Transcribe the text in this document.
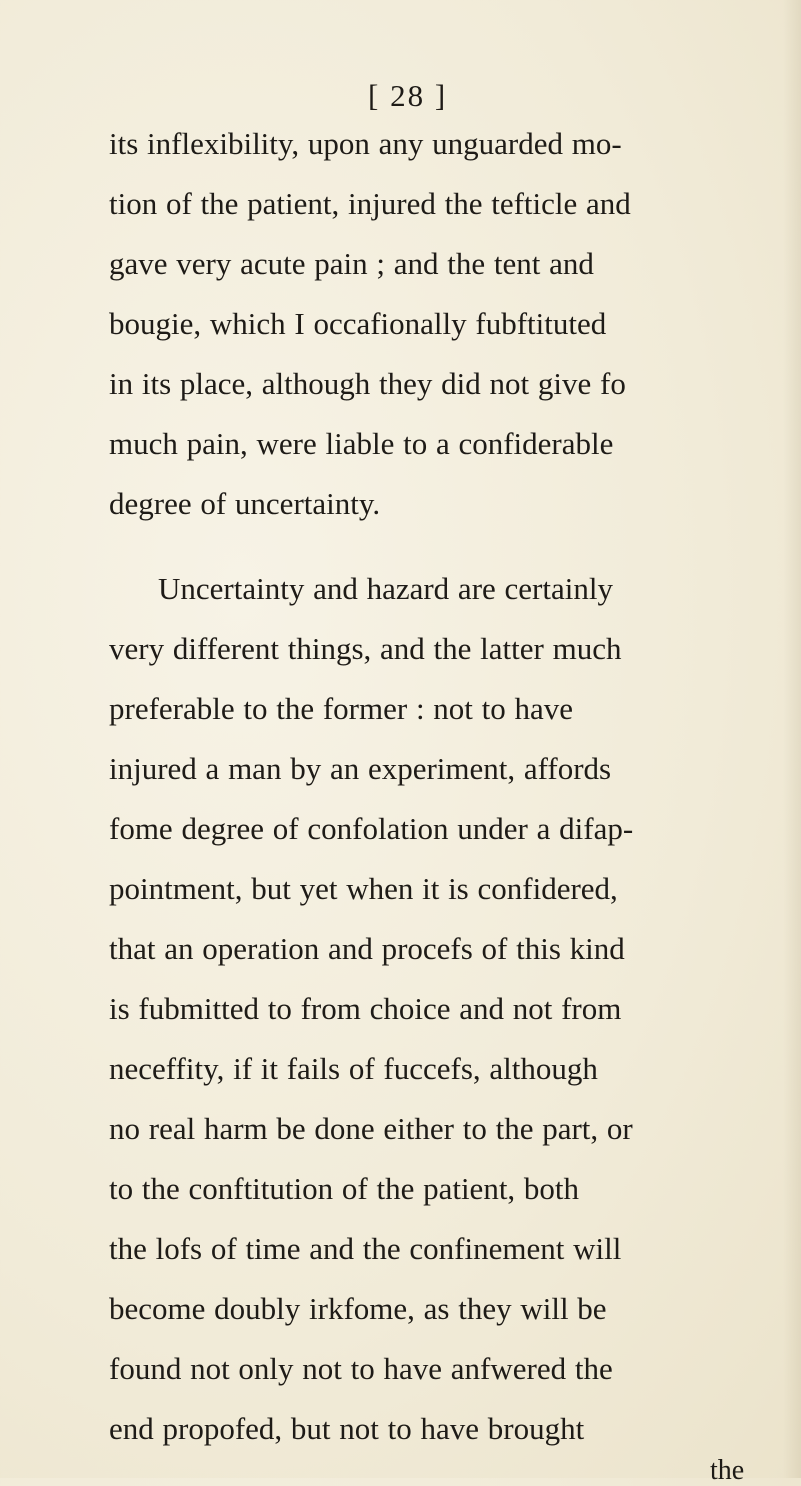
[ 28 ]
its inflexibility, upon any unguarded mo-
tion of the patient, injured the tefticle and
gave very acute pain ; and the tent and
bougie, which I occafionally fubftituted
in its place, although they did not give fo
much pain, were liable to a confiderable
degree of uncertainty.
Uncertainty and hazard are certainly
very different things, and the latter much
preferable to the former : not to have
injured a man by an experiment, affords
fome degree of confolation under a difap-
pointment, but yet when it is confidered,
that an operation and procefs of this kind
is fubmitted to from choice and not from
neceffity, if it fails of fuccefs, although
no real harm be done either to the part, or
to the conftitution of the patient, both
the lofs of time and the confinement will
become doubly irkfome, as they will be
found not only not to have anfwered the
end propofed, but not to have brought
the
